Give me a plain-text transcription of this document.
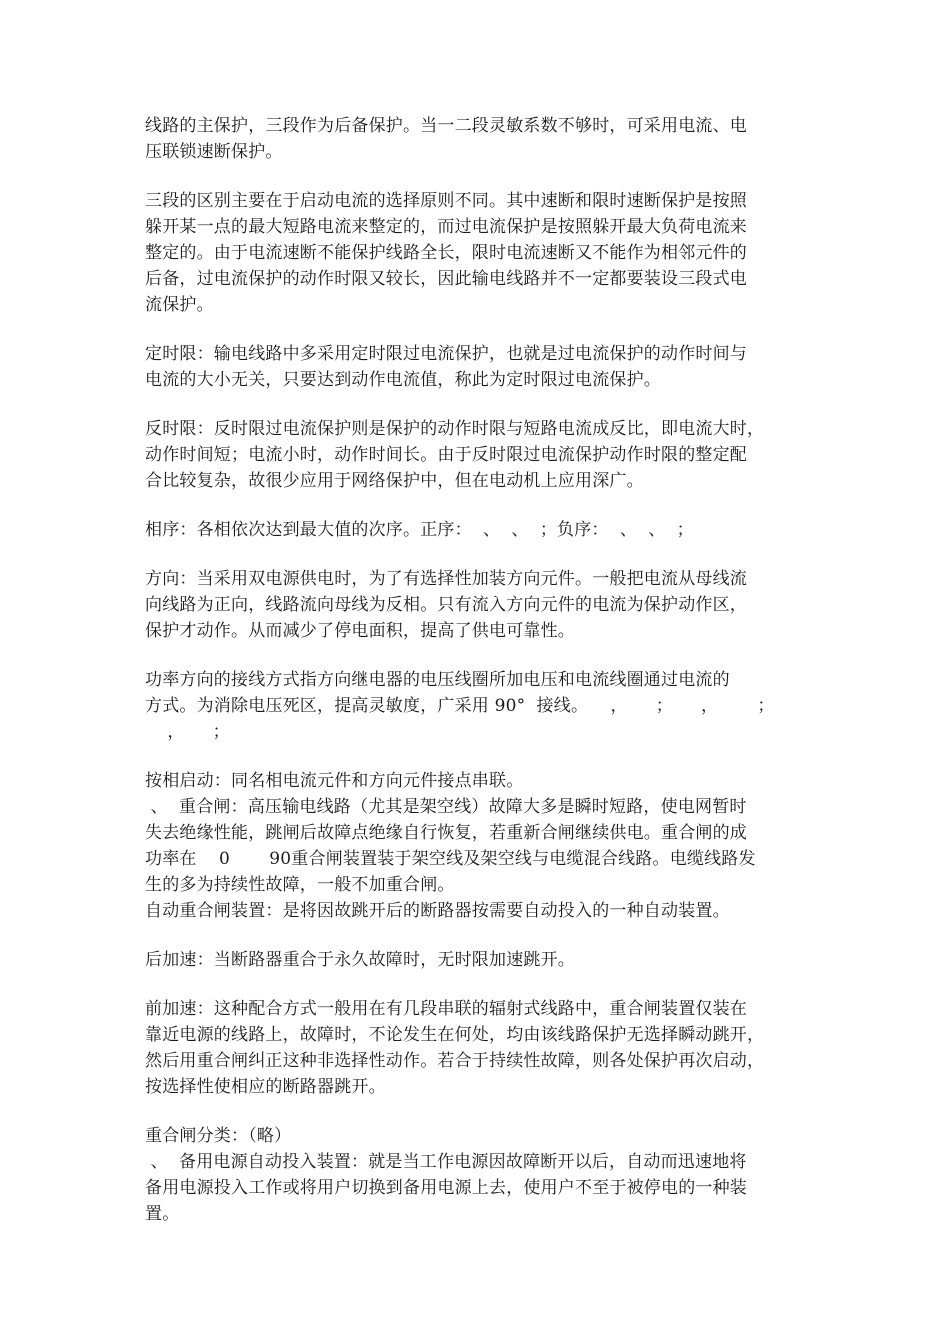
线路的主保护，三段作为后备保护。当一二段灵敏系数不够时，可采用电流、电
压联锁速断保护。
三段的区别主要在于启动电流的选择原则不同。其中速断和限时速断保护是按照
躲开某一点的最大短路电流来整定的，而过电流保护是按照躲开最大负荷电流来
整定的。由于电流速断不能保护线路全长，限时电流速断又不能作为相邻元件的
后备，过电流保护的动作时限又较长，因此输电线路并不一定都要装设三段式电
流保护。
定时限：输电线路中多采用定时限过电流保护，也就是过电流保护的动作时间与
电流的大小无关，只要达到动作电流值，称此为定时限过电流保护。
反时限：反时限过电流保护则是保护的动作时限与短路电流成反比，即电流大时，
动作时间短；电流小时，动作时间长。由于反时限过电流保护动作时限的整定配
合比较复杂，故很少应用于网络保护中，但在电动机上应用深广。
相序：各相依次达到最大值的次序。正序：  、  、  ；负序：  、  、  ；
方向：当采用双电源供电时，为了有选择性加装方向元件。一般把电流从母线流
向线路为正向，线路流向母线为反相。只有流入方向元件的电流为保护动作区，
保护才动作。从而减少了停电面积，提高了供电可靠性。
功率方向的接线方式指方向继电器的电压线圈所加电压和电流线圈通过电流的
方式。为消除电压死区，提高灵敏度，广采用 90°  接线。    ，     ；     ，       ；
，     ；
按相启动：同名相电流元件和方向元件接点串联。
、  重合闸：高压输电线路（尤其是架空线）故障大多是瞬时短路，使电网暂时
失去绝缘性能，跳闸后故障点绝缘自行恢复，若重新合闸继续供电。重合闸的成
功率在    0       90重合闸装置装于架空线及架空线与电缆混合线路。电缆线路发
生的多为持续性故障，一般不加重合闸。
自动重合闸装置：是将因故跳开后的断路器按需要自动投入的一种自动装置。
后加速：当断路器重合于永久故障时，无时限加速跳开。
前加速：这种配合方式一般用在有几段串联的辐射式线路中，重合闸装置仅装在
靠近电源的线路上，故障时，不论发生在何处，均由该线路保护无选择瞬动跳开，
然后用重合闸纠正这种非选择性动作。若合于持续性故障，则各处保护再次启动，
按选择性使相应的断路器跳开。
重合闸分类：（略）
、  备用电源自动投入装置：就是当工作电源因故障断开以后，自动而迅速地将
备用电源投入工作或将用户切换到备用电源上去，使用户不至于被停电的一种装
置。
